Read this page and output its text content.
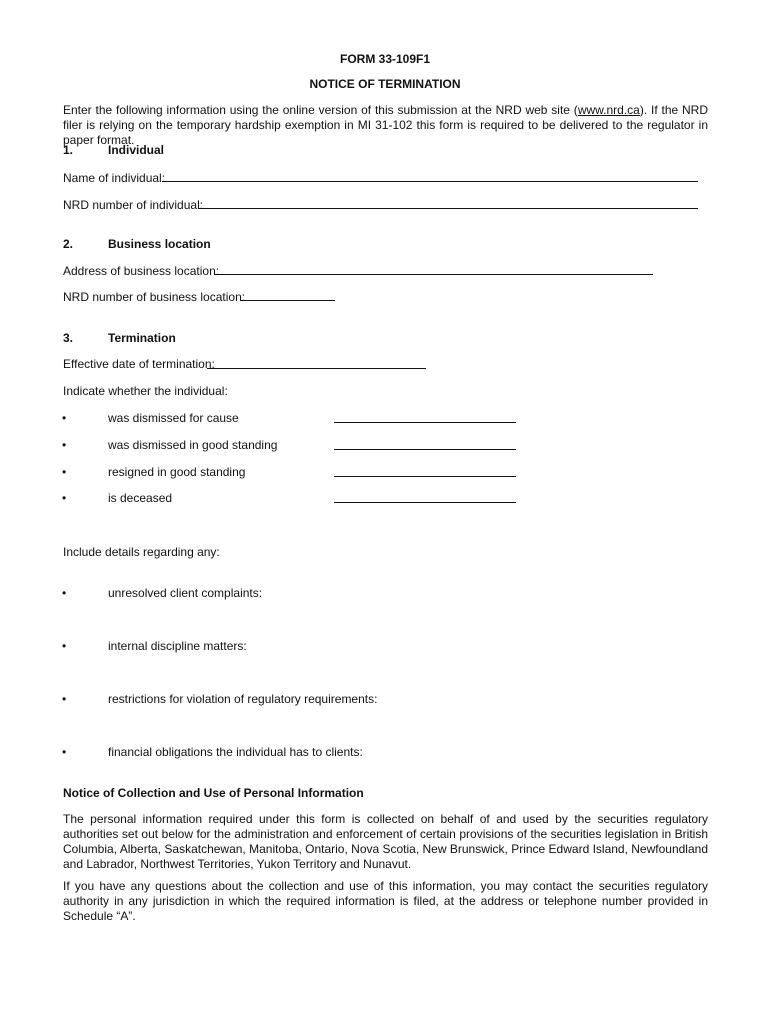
FORM 33-109F1
NOTICE OF TERMINATION
Enter the following information using the online version of this submission at the NRD web site (www.nrd.ca). If the NRD filer is relying on the temporary hardship exemption in MI 31-102 this form is required to be delivered to the regulator in paper format.
1.	Individual
Name of individual:
NRD number of individual:
2.	Business location
Address of business location:
NRD number of business location:
3.	Termination
Effective date of termination:
Indicate whether the individual:
•	was dismissed for cause
•	was dismissed in good standing
•	resigned in good standing
•	is deceased
Include details regarding any:
•	unresolved client complaints:
•	internal discipline matters:
•	restrictions for violation of regulatory requirements:
•	financial obligations the individual has to clients:
Notice of Collection and Use of Personal Information
The personal information required under this form is collected on behalf of and used by the securities regulatory authorities set out below for the administration and enforcement of certain provisions of the securities legislation in British Columbia, Alberta, Saskatchewan, Manitoba, Ontario, Nova Scotia, New Brunswick, Prince Edward Island, Newfoundland and Labrador, Northwest Territories, Yukon Territory and Nunavut.
If you have any questions about the collection and use of this information, you may contact the securities regulatory authority in any jurisdiction in which the required information is filed, at the address or telephone number provided in Schedule “A”.
